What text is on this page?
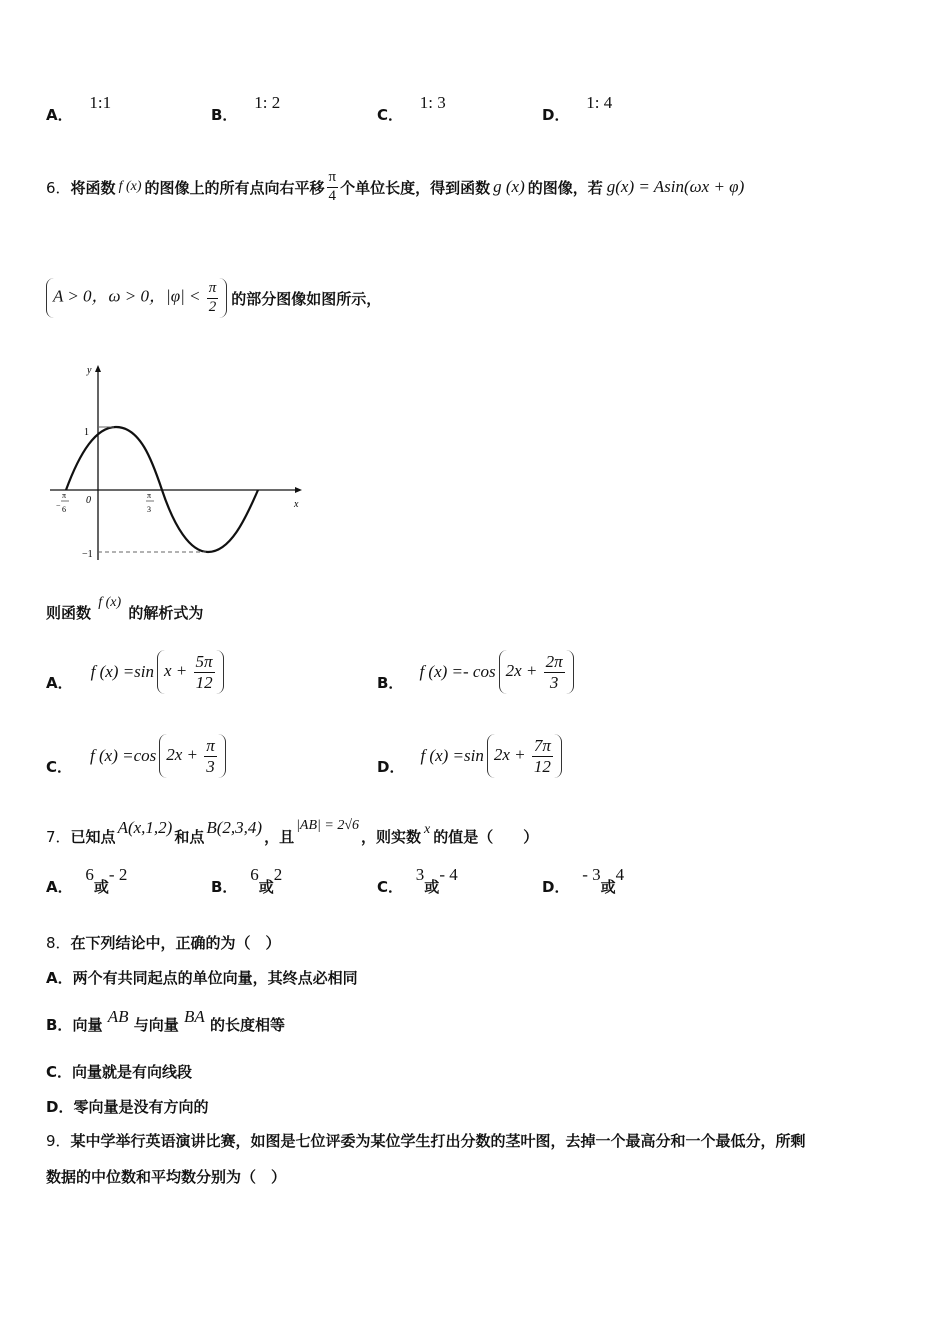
A． 1:1
B． 1: 2
C． 1: 3
D． 1: 4
6． 将函数 f (x) 的图像上的所有点向右平移 $\frac{\pi}{4}$ 个单位长度，得到函数 g (x) 的图像，若 g(x) = Asin(ωx + φ)
A > 0，ω > 0，$|\varphi| < \frac{\pi}{2}$ 的部分图像如图所示，
y
x
1
−1
0
−
π
6
π
3
则函数 f (x) 的解析式为
A．
f (x) =sin $x + \frac{5\pi}{12}$	B．
f $(x) =- \cos 2x + \frac{2\pi}{3}$
C．
f (x) =cos $2x + \frac{\pi}{3}$	D．
f (x) =sin $2x + \frac{7\pi}{12}$
7． 已知点 A(x,1,2) 和点 B(2,3,4) ，且
|AB| = 2√6
，则实数 x 的值是（　　）
A． 6或- 2
B． 6或2
C． 3或- 4
D． - 3或4
8．在下列结论中，正确的为（　）
A．两个有共同起点的单位向量，其终点必相同
B．向量 AB 与向量 BA 的长度相等
C．向量就是有向线段
D．零向量是没有方向的
9．某中学举行英语演讲比赛，如图是七位评委为某位学生打出分数的茎叶图，去掉一个最高分和一个最低分，所剩
数据的中位数和平均数分别为（　）
